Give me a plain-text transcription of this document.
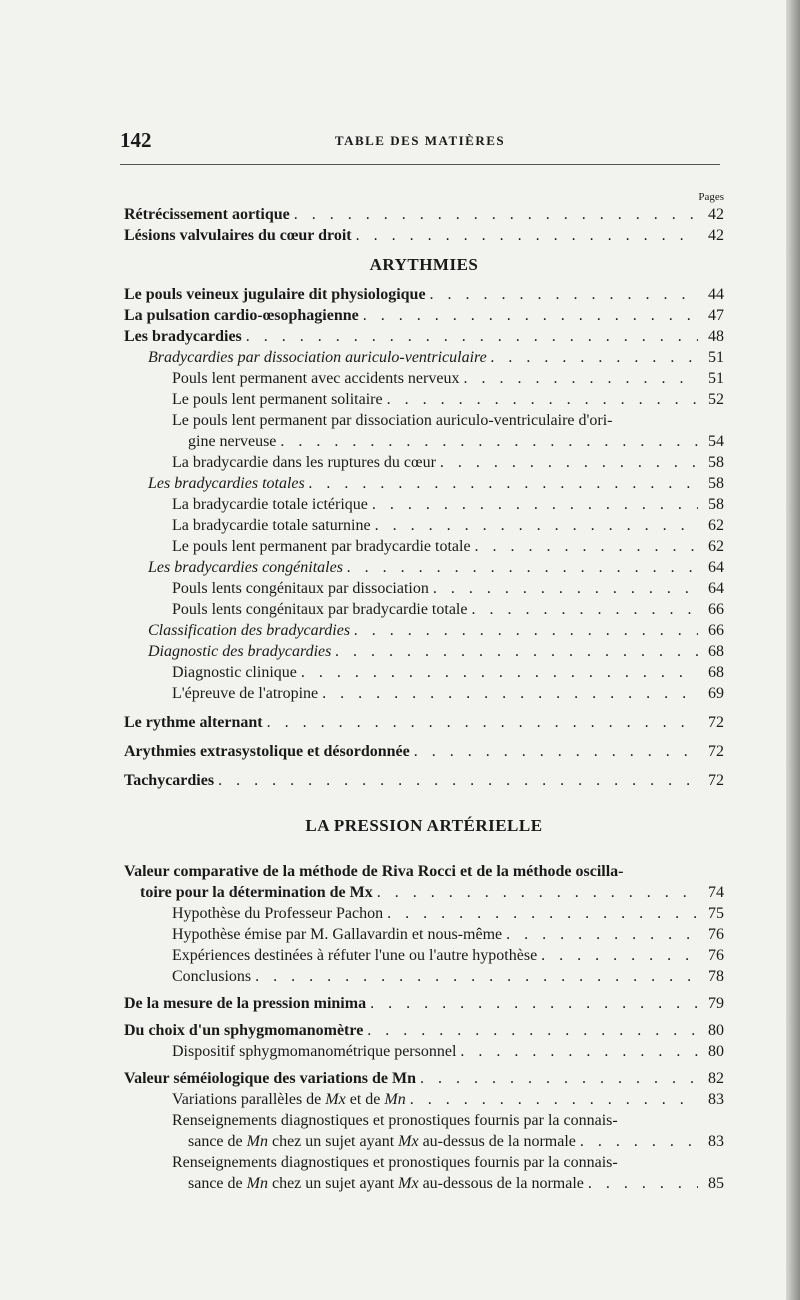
142	TABLE DES MATIÈRES
Pages
Rétrécissement aortique . . .	42
Lésions valvulaires du cœur droit . . .	42
ARYTHMIES
Le pouls veineux jugulaire dit physiologique . . .	44
La pulsation cardio-œsophagienne . . .	47
Les bradycardies . . .	48
Bradycardies par dissociation auriculo-ventriculaire . . .	51
Pouls lent permanent avec accidents nerveux . . .	51
Le pouls lent permanent solitaire . . .	52
Le pouls lent permanent par dissociation auriculo-ventriculaire d'ori-
gine nerveuse . . .	54
La bradycardie dans les ruptures du cœur . . .	58
Les bradycardies totales . . .	58
La bradycardie totale ictérique . . .	58
La bradycardie totale saturnine . . .	62
Le pouls lent permanent par bradycardie totale . . .	62
Les bradycardies congénitales . . .	64
Pouls lents congénitaux par dissociation . . .	64
Pouls lents congénitaux par bradycardie totale . . .	66
Classification des bradycardies . . .	66
Diagnostic des bradycardies . . .	68
Diagnostic clinique . . .	68
L'épreuve de l'atropine . . .	69
Le rythme alternant . . .	72
Arythmies extrasystolique et désordonnée . . .	72
Tachycardies . . .	72
LA PRESSION ARTÉRIELLE
Valeur comparative de la méthode de Riva Rocci et de la méthode oscilla-
toire pour la détermination de Mx . . .	74
Hypothèse du Professeur Pachon . . .	75
Hypothèse émise par M. Gallavardin et nous-même . . .	76
Expériences destinées à réfuter l'une ou l'autre hypothèse . . .	76
Conclusions . . .	78
De la mesure de la pression minima . . .	79
Du choix d'un sphygmomanomètre . . .	80
Dispositif sphygmomanométrique personnel . . .	80
Valeur séméiologique des variations de Mn . . .	82
Variations parallèles de Mx et de Mn . . .	83
Renseignements diagnostiques et pronostiques fournis par la connais-
sance de Mn chez un sujet ayant Mx au-dessus de la normale . . .	83
Renseignements diagnostiques et pronostiques fournis par la connais-
sance de Mn chez un sujet ayant Mx au-dessous de la normale . . .	85
